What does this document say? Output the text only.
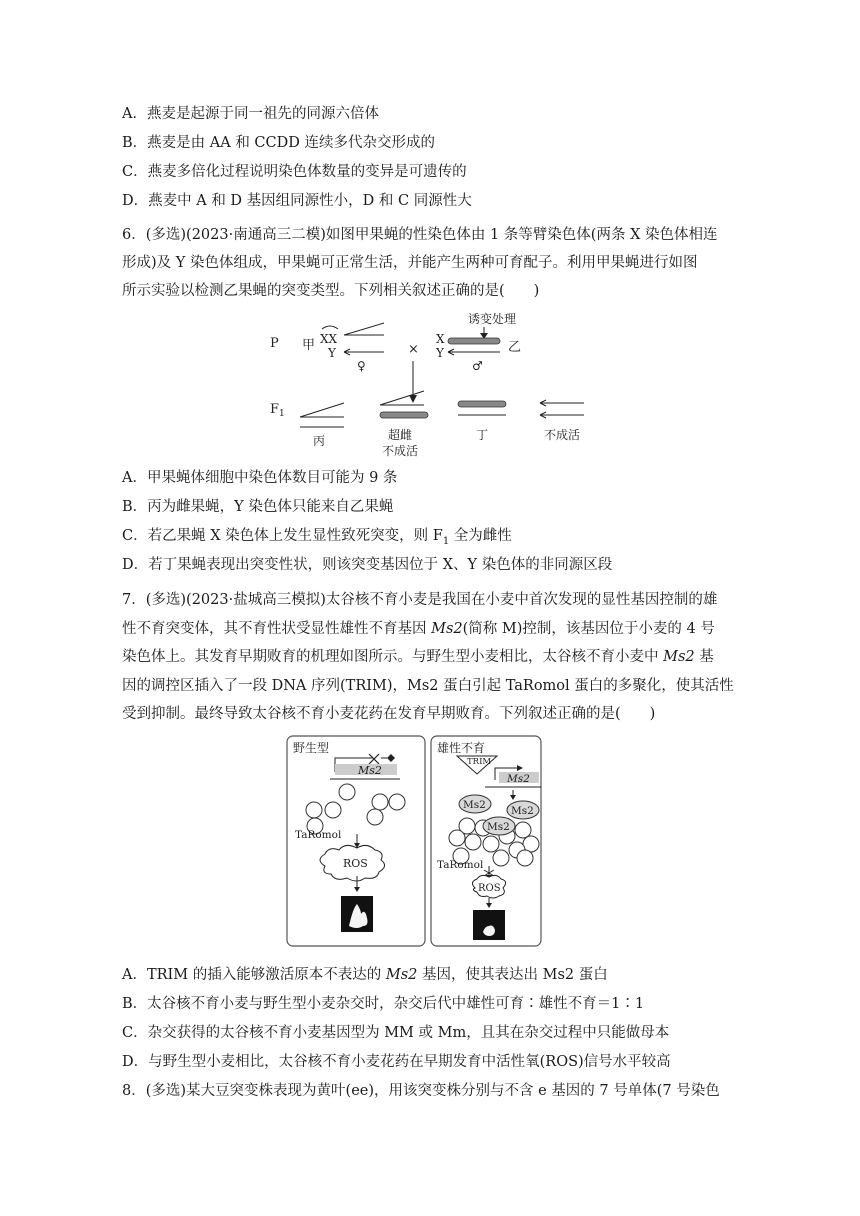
A．燕麦是起源于同一祖先的同源六倍体
B．燕麦是由 AA 和 CCDD 连续多代杂交形成的
C．燕麦多倍化过程说明染色体数量的变异是可遗传的
D．燕麦中 A 和 D 基因组同源性小，D 和 C 同源性大
6．(多选)(2023·南通高三二模)如图甲果蝇的性染色体由 1 条等臂染色体(两条 X 染色体相连
形成)及 Y 染色体组成，甲果蝇可正常生活，并能产生两种可育配子。利用甲果蝇进行如图
所示实验以检测乙果蝇的突变类型。下列相关叙述正确的是(　　)
P 甲 XX
Y
♀
×
诱变处理
X
Y	乙
♂
$F_1$
丙	超雌
不成活
丁	不成活
A．甲果蝇体细胞中染色体数目可能为 9 条
B．丙为雌果蝇，Y 染色体只能来自乙果蝇
C．若乙果蝇 X 染色体上发生显性致死突变，则 $F_1$ 全为雌性
D．若丁果蝇表现出突变性状，则该突变基因位于 X、Y 染色体的非同源区段
7．(多选)(2023·盐城高三模拟)太谷核不育小麦是我国在小麦中首次发现的显性基因控制的雄
性不育突变体，其不育性状受显性雄性不育基因 Ms2(简称 M)控制，该基因位于小麦的 4 号
染色体上。其发育早期败育的机理如图所示。与野生型小麦相比，太谷核不育小麦中 Ms2 基
因的调控区插入了一段 DNA 序列(TRIM)，Ms2 蛋白引起 TaRomol 蛋白的多聚化，使其活性
受到抑制。最终导致太谷核不育小麦花药在发育早期败育。下列叙述正确的是(　　)
野生型
Ms2
TaRomol
ROS
雄性不育
TRIM
Ms2
Ms2 Ms2
Ms2
TaRomol
ROS
A．TRIM 的插入能够激活原本不表达的 Ms2 基因，使其表达出 Ms2 蛋白
B．太谷核不育小麦与野生型小麦杂交时，杂交后代中雄性可育∶雄性不育＝1∶1
C．杂交获得的太谷核不育小麦基因型为 MM 或 Mm，且其在杂交过程中只能做母本
D．与野生型小麦相比，太谷核不育小麦花药在早期发育中活性氧(ROS)信号水平较高
8．(多选)某大豆突变株表现为黄叶(ee)，用该突变株分别与不含 e 基因的 7 号单体(7 号染色
